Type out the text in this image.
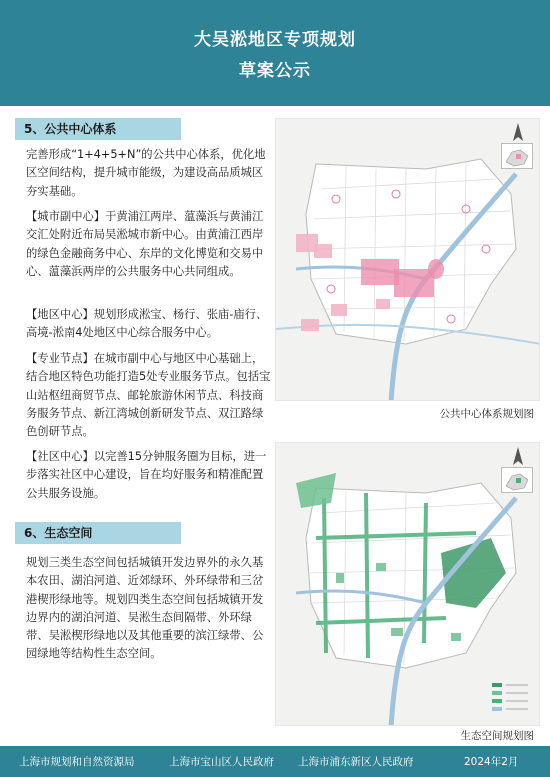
大吴淞地区专项规划
草案公示
5、公共中心体系
完善形成“1+4+5+N”的公共中心体系，优化地区空间结构，提升城市能级，为建设高品质城区夯实基础。
【城市副中心】于黄浦江两岸、蕰藻浜与黄浦江交汇处附近布局吴淞城市新中心。由黄浦江西岸的绿色金融商务中心、东岸的文化博览和交易中心、蕰藻浜两岸的公共服务中心共同组成。
【地区中心】规划形成淞宝、杨行、张庙-庙行、高境-淞南4处地区中心综合服务中心。
【专业节点】在城市副中心与地区中心基础上，结合地区特色功能打造5处专业服务节点。包括宝山站枢纽商贸节点、邮轮旅游休闲节点、科技商务服务节点、新江湾城创新研发节点、双江路绿色创研节点。
【社区中心】以完善15分钟服务圈为目标，进一步落实社区中心建设，旨在均好服务和精准配置公共服务设施。
公共中心体系规划图
6、生态空间
规划三类生态空间包括城镇开发边界外的永久基本农田、湖泊河道、近郊绿环、外环绿带和三岔港楔形绿地等。规划四类生态空间包括城镇开发边界内的湖泊河道、吴淞生态间隔带、外环绿带、吴淞楔形绿地以及其他重要的滨江绿带、公园绿地等结构性生态空间。
生态空间规划图
上海市规划和自然资源局	上海市宝山区人民政府 上海市浦东新区人民政府	2024年2月
